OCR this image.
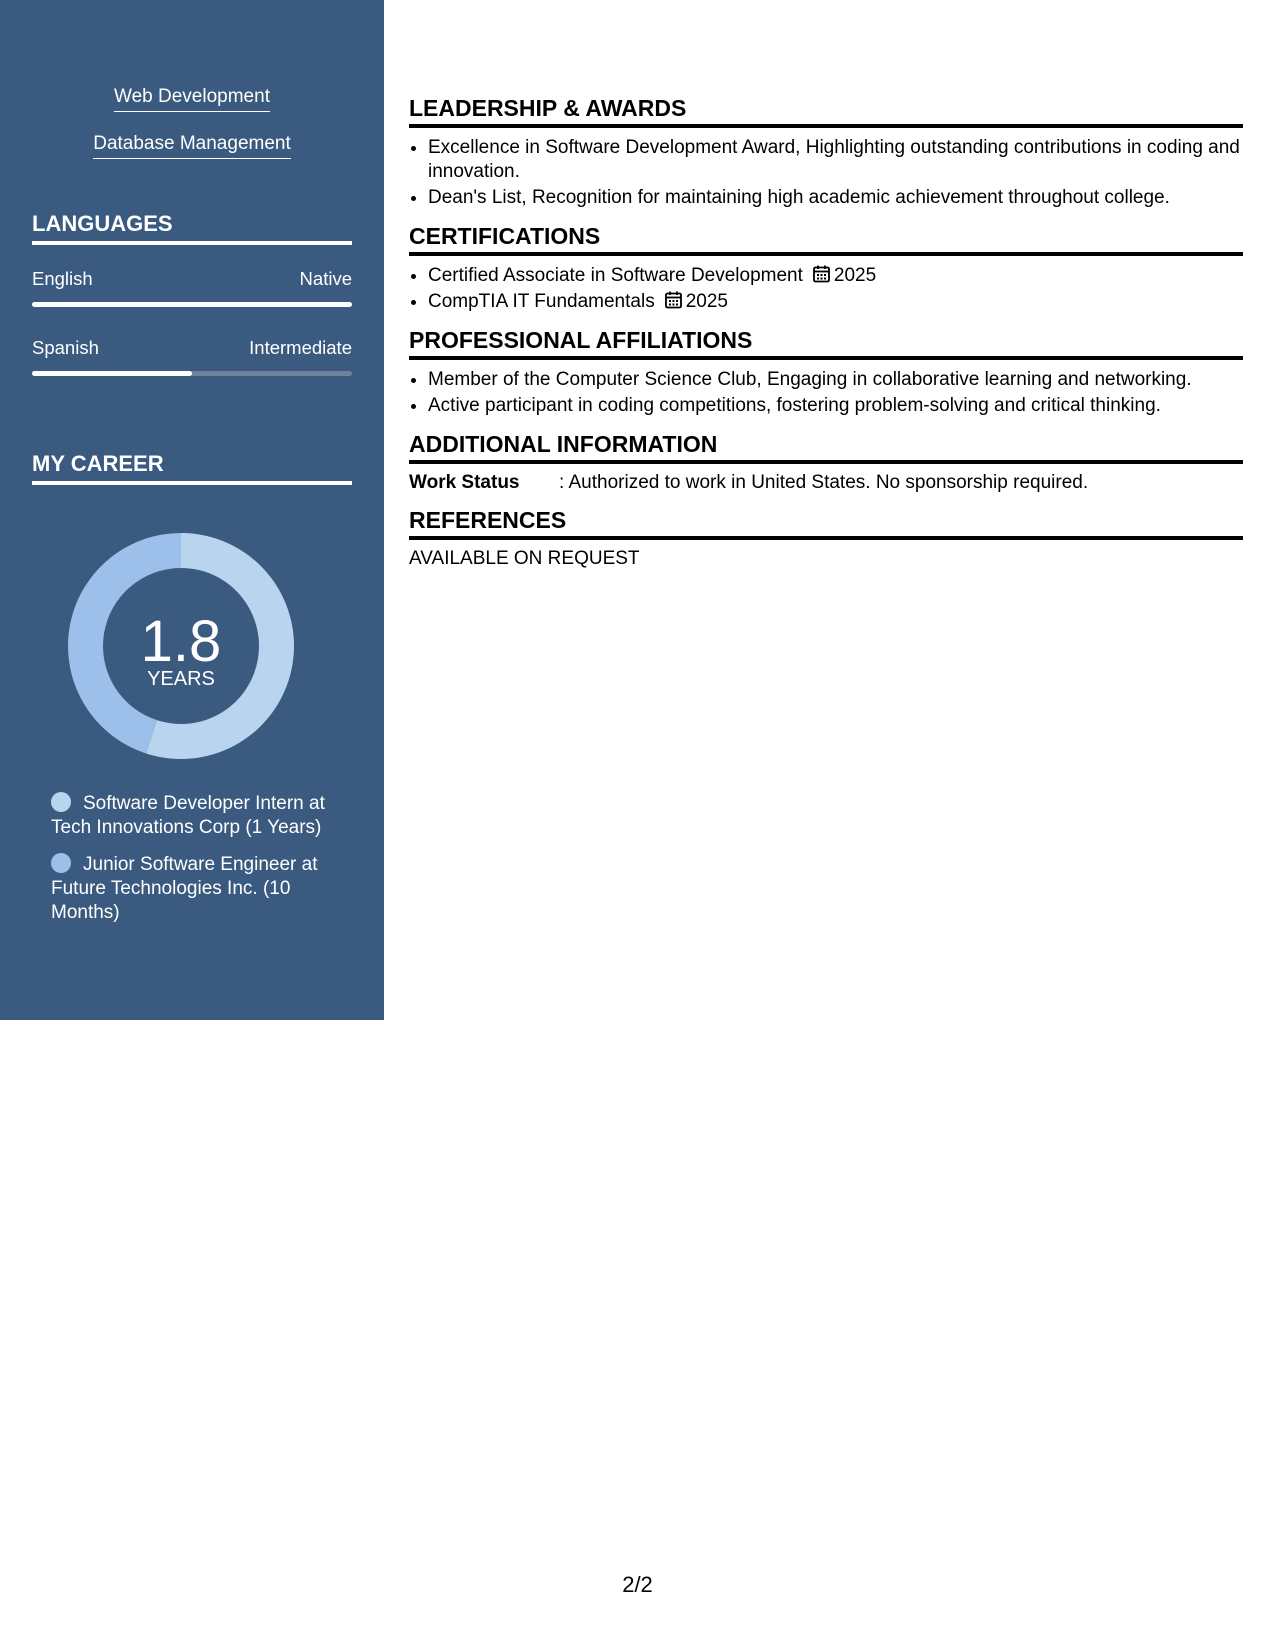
Web Development
Database Management
LANGUAGES
English	Native
Spanish	Intermediate
MY CAREER
1.8
YEARS
Software Developer Intern at Tech Innovations Corp (1 Years)
Junior Software Engineer at Future Technologies Inc. (10 Months)
LEADERSHIP & AWARDS
• Excellence in Software Development Award, Highlighting outstanding contributions in coding and innovation.
• Dean's List, Recognition for maintaining high academic achievement throughout college.
CERTIFICATIONS
• Certified Associate in Software Development 2025
• CompTIA IT Fundamentals 2025
PROFESSIONAL AFFILIATIONS
• Member of the Computer Science Club, Engaging in collaborative learning and networking.
• Active participant in coding competitions, fostering problem-solving and critical thinking.
ADDITIONAL INFORMATION
Work Status	: Authorized to work in United States. No sponsorship required.
REFERENCES
AVAILABLE ON REQUEST
2/2
